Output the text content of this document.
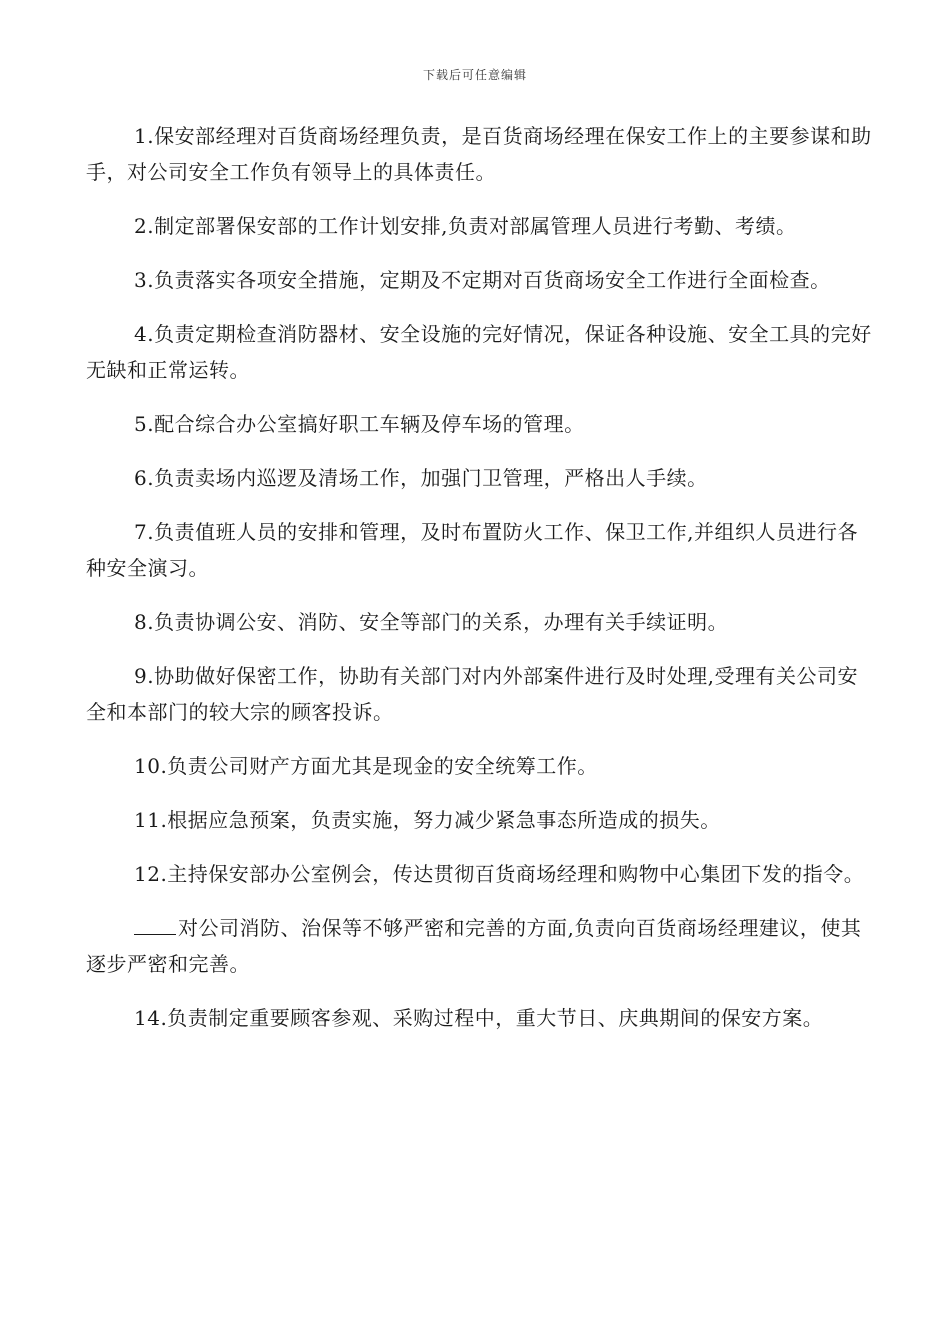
下载后可任意编辑

1.保安部经理对百货商场经理负责，是百货商场经理在保安工作上的主要参谋和助手，对公司安全工作负有领导上的具体责任。

2.制定部署保安部的工作计划安排,负责对部属管理人员进行考勤、考绩。

3.负责落实各项安全措施，定期及不定期对百货商场安全工作进行全面检查。

4.负责定期检查消防器材、安全设施的完好情况，保证各种设施、安全工具的完好无缺和正常运转。

5.配合综合办公室搞好职工车辆及停车场的管理。

6.负责卖场内巡逻及清场工作，加强门卫管理，严格出人手续。

7.负责值班人员的安排和管理，及时布置防火工作、保卫工作,并组织人员进行各种安全演习。

8.负责协调公安、消防、安全等部门的关系，办理有关手续证明。

9.协助做好保密工作，协助有关部门对内外部案件进行及时处理,受理有关公司安全和本部门的较大宗的顾客投诉。

10.负责公司财产方面尤其是现金的安全统筹工作。

11.根据应急预案，负责实施，努力减少紧急事态所造成的损失。

12.主持保安部办公室例会，传达贯彻百货商场经理和购物中心集团下发的指令。

对公司消防、治保等不够严密和完善的方面,负责向百货商场经理建议，使其逐步严密和完善。

14.负责制定重要顾客参观、采购过程中，重大节日、庆典期间的保安方案。
